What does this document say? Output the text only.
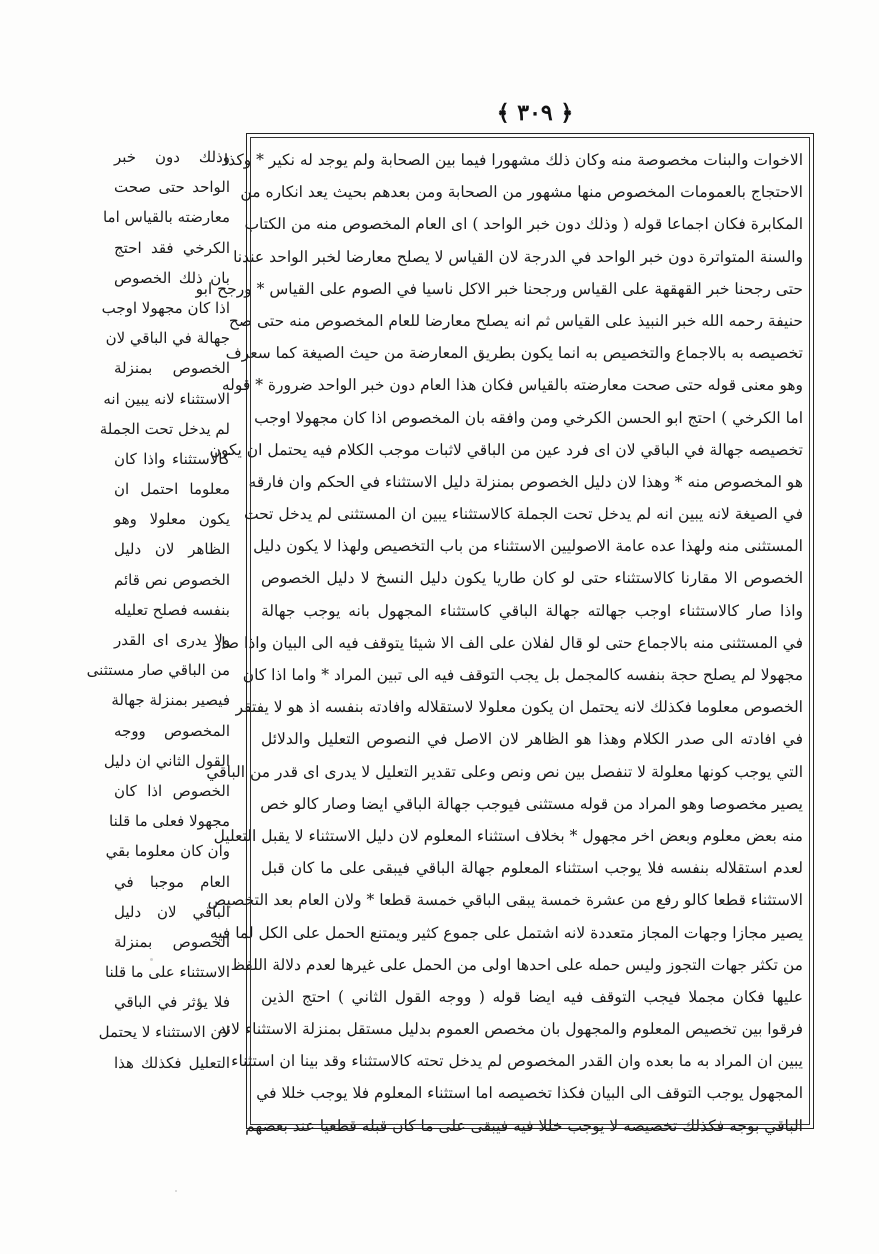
﴿ ٣٠٩ ﴾
الاخوات والبنات مخصوصة منه وكان ذلك مشهورا فيما بين الصحابة ولم يوجد له نكير * وكذا
الاحتجاج بالعمومات المخصوص منها مشهور من الصحابة ومن بعدهم بحيث يعد انكاره من
المكابرة فكان اجماعا قوله ( وذلك دون خبر الواحد ) اى العام المخصوص منه من الكتاب
والسنة المتواترة دون خبر الواحد في الدرجة لان القياس لا يصلح معارضا لخبر الواحد عندنا
حتى رجحنا خبر القهقهة على القياس ورجحنا خبر الاكل ناسيا في الصوم على القياس * ورجح ابو
حنيفة رحمه الله خبر النبيذ على القياس ثم انه يصلح معارضا للعام المخصوص منه حتى صح
تخصيصه به بالاجماع والتخصيص به انما يكون بطريق المعارضة من حيث الصيغة كما سعرف
وهو معنى قوله حتى صحت معارضته بالقياس فكان هذا العام دون خبر الواحد ضرورة * قوله
اما الكرخي ) احتج ابو الحسن الكرخي ومن وافقه بان المخصوص اذا كان مجهولا اوجب
تخصيصه جهالة في الباقي لان اى فرد عين من الباقي لاثبات موجب الكلام فيه يحتمل ان يكون
هو المخصوص منه * وهذا لان دليل الخصوص بمنزلة دليل الاستثناء في الحكم وان فارقه
في الصيغة لانه يبين انه لم يدخل تحت الجملة كالاستثناء يبين ان المستثنى لم يدخل تحت
المستثنى منه ولهذا عده عامة الاصوليين الاستثناء من باب التخصيص ولهذا لا يكون دليل
الخصوص الا مقارنا كالاستثناء حتى لو كان طاريا يكون دليل النسخ لا دليل الخصوص
واذا صار كالاستثناء اوجب جهالته جهالة الباقي كاستثناء المجهول بانه يوجب جهالة
في المستثنى منه بالاجماع حتى لو قال لفلان على الف الا شيئا يتوقف فيه الى البيان واذا صار
مجهولا لم يصلح حجة بنفسه كالمجمل بل يجب التوقف فيه الى تبين المراد * واما اذا كان
الخصوص معلوما فكذلك لانه يحتمل ان يكون معلولا لاستقلاله وافادته بنفسه اذ هو لا يفتقر
في افادته الى صدر الكلام وهذا هو الظاهر لان الاصل في النصوص التعليل والدلائل
التي يوجب كونها معلولة لا تنفصل بين نص ونص وعلى تقدير التعليل لا يدرى اى قدر من الباقي
يصير مخصوصا وهو المراد من قوله مستثنى فيوجب جهالة الباقي ايضا وصار كالو خص
منه بعض معلوم وبعض اخر مجهول * بخلاف استثناء المعلوم لان دليل الاستثناء لا يقبل التعليل
لعدم استقلاله بنفسه فلا يوجب استثناء المعلوم جهالة الباقي فيبقى على ما كان قبل
الاستثناء قطعا كالو رفع من عشرة خمسة يبقى الباقي خمسة قطعا * ولان العام بعد التخصيص
يصير مجازا وجهات المجاز متعددة لانه اشتمل على جموع كثير ويمتنع الحمل على الكل لما فيه
من تكثر جهات التجوز وليس حمله على احدها اولى من الحمل على غيرها لعدم دلالة اللفظ
عليها فكان مجملا فيجب التوقف فيه ايضا قوله ( ووجه القول الثاني ) احتج الذين
فرقوا بين تخصيص المعلوم والمجهول بان مخصص العموم بدليل مستقل بمنزلة الاستثناء لانه
يبين ان المراد به ما بعده وان القدر المخصوص لم يدخل تحته كالاستثناء وقد بينا ان استثناء
المجهول يوجب التوقف الى البيان فكذا تخصيصه اما استثناء المعلوم فلا يوجب خللا في
الباقي بوجه فكذلك تخصيصه لا يوجب خللا فيه فيبقى على ما كان قبله قطعيا عند بعضهم
وذلك دون خبر
الواحد حتى صحت
معارضته بالقياس اما
الكرخي فقد احتج
بان ذلك الخصوص
اذا كان مجهولا اوجب
جهالة في الباقي لان
الخصوص بمنزلة
الاستثناء لانه يبين انه
لم يدخل تحت الجملة
كالاستثناء واذا كان
معلوما احتمل ان
يكون معلولا وهو
الظاهر لان دليل
الخصوص نص قائم
بنفسه فصلح تعليله
ولا يدرى اى القدر
من الباقي صار مستثنى
فيصير بمنزلة جهالة
المخصوص ووجه
القول الثاني ان دليل
الخصوص اذا كان
مجهولا فعلى ما قلنا
وان كان معلوما بقي
العام موجبا في
الباقي لان دليل
الخصوص بمنزلة
الاستثناء على ما قلنا
فلا يؤثر في الباقي
لان الاستثناء لا يحتمل
التعليل فكذلك هذا
